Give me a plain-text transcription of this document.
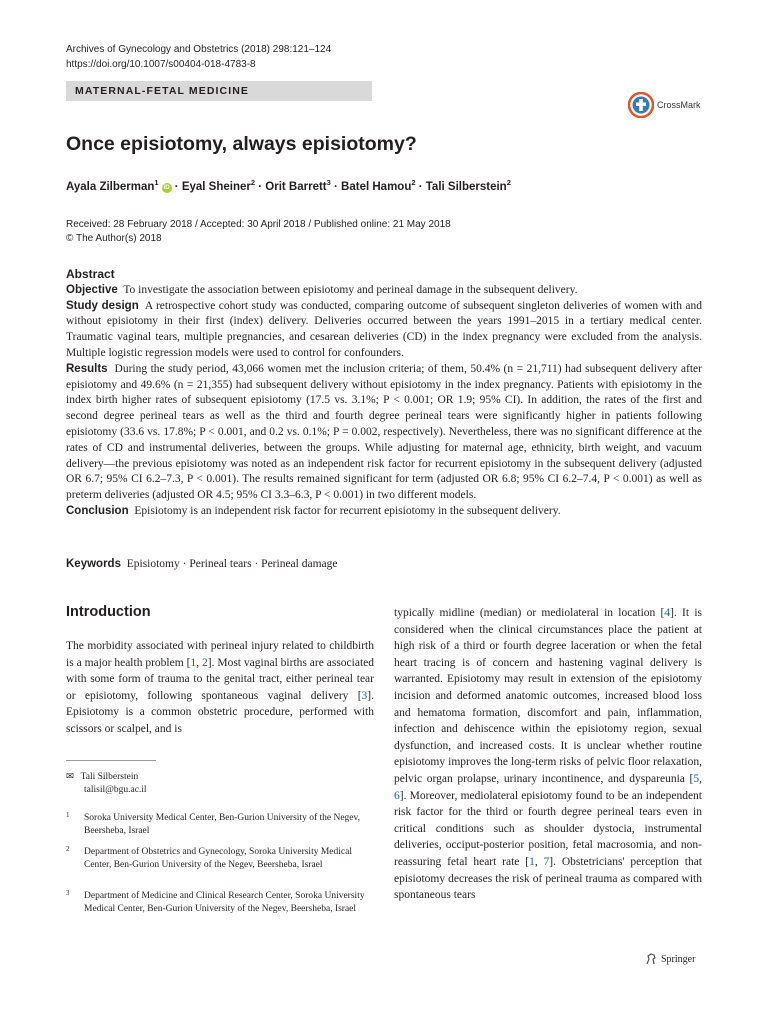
Archives of Gynecology and Obstetrics (2018) 298:121–124
https://doi.org/10.1007/s00404-018-4783-8
MATERNAL-FETAL MEDICINE
CrossMark
Once episiotomy, always episiotomy?
Ayala Zilberman$^1$iD · Eyal Sheiner$^2$ · Orit Barrett$^3$ · Batel Hamou$^2$ · Tali Silberstein$^2$
Received: 28 February 2018 / Accepted: 30 April 2018 / Published online: 21 May 2018
© The Author(s) 2018
Abstract

Objective To investigate the association between episiotomy and perineal damage in the subsequent delivery.

Study design A retrospective cohort study was conducted, comparing outcome of subsequent singleton deliveries of women with and without episiotomy in their first (index) delivery. Deliveries occurred between the years 1991–2015 in a tertiary medical center. Traumatic vaginal tears, multiple pregnancies, and cesarean deliveries (CD) in the index pregnancy were excluded from the analysis. Multiple logistic regression models were used to control for confounders.

Results During the study period, 43,066 women met the inclusion criteria; of them, 50.4% (n = 21,711) had subsequent delivery after episiotomy and 49.6% (n = 21,355) had subsequent delivery without episiotomy in the index pregnancy. Patients with episiotomy in the index birth higher rates of subsequent episiotomy (17.5 vs. 3.1%; P < 0.001; OR 1.9; 95% CI). In addition, the rates of the first and second degree perineal tears as well as the third and fourth degree perineal tears were significantly higher in patients following episiotomy (33.6 vs. 17.8%; P < 0.001, and 0.2 vs. 0.1%; P = 0.002, respectively). Nevertheless, there was no significant difference at the rates of CD and instrumental deliveries, between the groups. While adjusting for maternal age, ethnicity, birth weight, and vacuum delivery—the previous episiotomy was noted as an independent risk factor for recurrent episiotomy in the subsequent delivery (adjusted OR 6.7; 95% CI 6.2–7.3, P < 0.001). The results remained significant for term (adjusted OR 6.8; 95% CI 6.2–7.4, P < 0.001) as well as preterm deliveries (adjusted OR 4.5; 95% CI 3.3–6.3, P < 0.001) in two different models.

Conclusion Episiotomy is an independent risk factor for recurrent episiotomy in the subsequent delivery.

Keywords Episiotomy · Perineal tears · Perineal damage
Introduction
The morbidity associated with perineal injury related to childbirth is a major health problem [1, 2]. Most vaginal births are associated with some form of trauma to the genital tract, either perineal tear or episiotomy, following spontaneous vaginal delivery [3]. Episiotomy is a common obstetric procedure, performed with scissors or scalpel, and is
typically midline (median) or mediolateral in location [4]. It is considered when the clinical circumstances place the patient at high risk of a third or fourth degree laceration or when the fetal heart tracing is of concern and hastening vaginal delivery is warranted. Episiotomy may result in extension of the episiotomy incision and deformed anatomic outcomes, increased blood loss and hematoma formation, discomfort and pain, inflammation, infection and dehiscence within the episiotomy region, sexual dysfunction, and increased costs. It is unclear whether routine episiotomy improves the long-term risks of pelvic floor relaxation, pelvic organ prolapse, urinary incontinence, and dyspareunia [5, 6]. Moreover, mediolateral episiotomy found to be an independent risk factor for the third or fourth degree perineal tears even in critical conditions such as shoulder dystocia, instrumental deliveries, occiput-posterior position, fetal macrosomia, and non-reassuring fetal heart rate [1, 7]. Obstetricians' perception that episiotomy decreases the risk of perineal trauma as compared with spontaneous tears
✉ Tali Silberstein
talisil@bgu.ac.il
1 Soroka University Medical Center, Ben-Gurion University of the Negev, Beersheba, Israel
2 Department of Obstetrics and Gynecology, Soroka University Medical Center, Ben-Gurion University of the Negev, Beersheba, Israel
3 Department of Medicine and Clinical Research Center, Soroka University Medical Center, Ben-Gurion University of the Negev, Beersheba, Israel
Springer
